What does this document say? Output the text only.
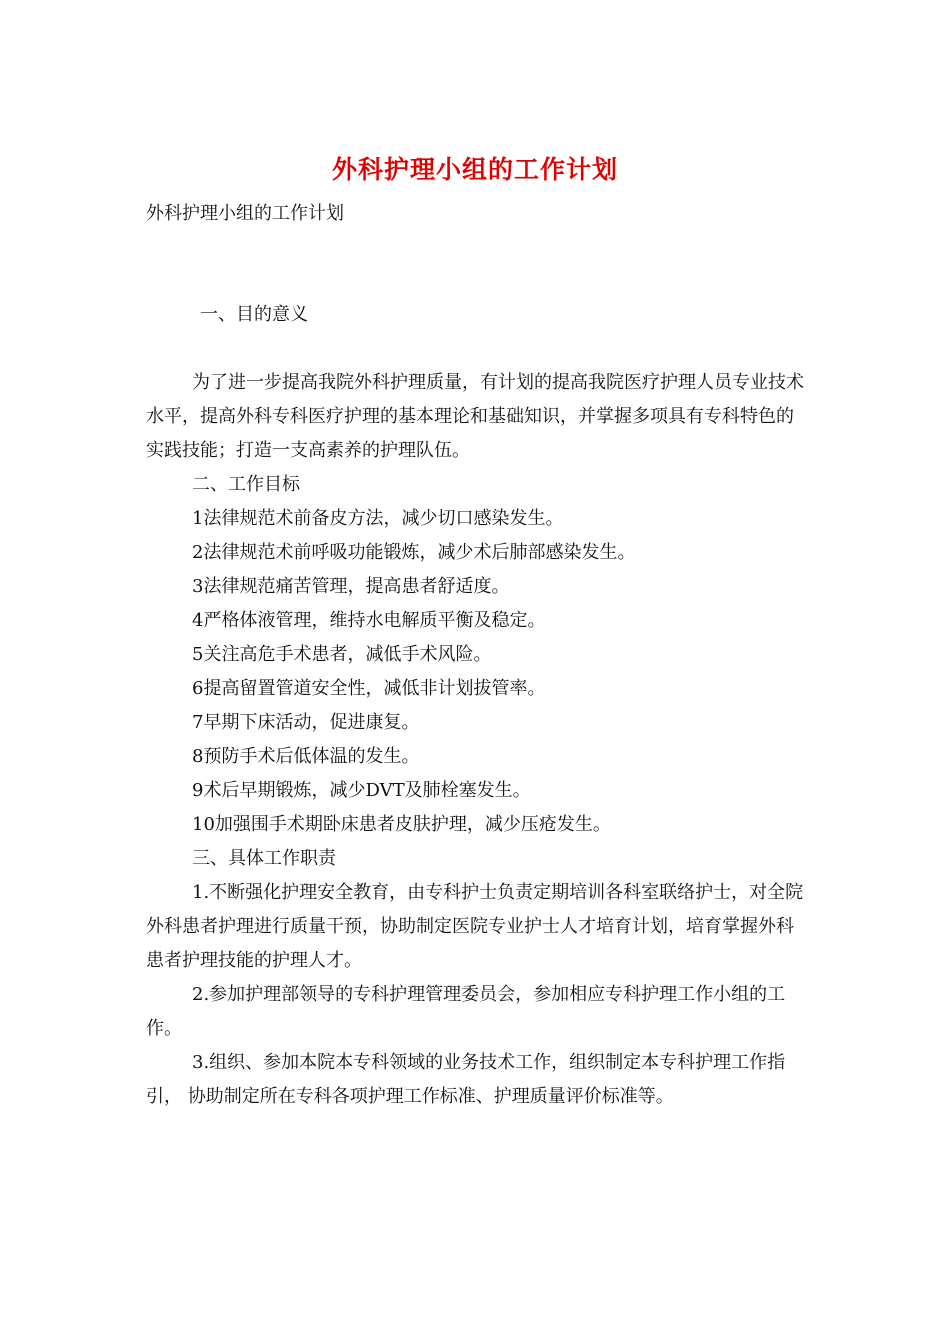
外科护理小组的工作计划
外科护理小组的工作计划
一、目的意义

为了进一步提高我院外科护理质量，有计划的提高我院医疗护理人员专业技术水平，提高外科专科医疗护理的基本理论和基础知识，并掌握多项具有专科特色的实践技能；打造一支高素养的护理队伍。

二、工作目标

1法律规范术前备皮方法，减少切口感染发生。

2法律规范术前呼吸功能锻炼，减少术后肺部感染发生。

3法律规范痛苦管理，提高患者舒适度。

4严格体液管理，维持水电解质平衡及稳定。

5关注高危手术患者，减低手术风险。

6提高留置管道安全性，减低非计划拔管率。

7早期下床活动，促进康复。

8预防手术后低体温的发生。

9术后早期锻炼，减少DVT及肺栓塞发生。

10加强围手术期卧床患者皮肤护理，减少压疮发生。

三、具体工作职责

1.不断强化护理安全教育，由专科护士负责定期培训各科室联络护士，对全院外科患者护理进行质量干预，协助制定医院专业护士人才培育计划，培育掌握外科患者护理技能的护理人才。

2.参加护理部领导的专科护理管理委员会，参加相应专科护理工作小组的工作。

3.组织、参加本院本专科领域的业务技术工作，组织制定本专科护理工作指引， 协助制定所在专科各项护理工作标准、护理质量评价标准等。
